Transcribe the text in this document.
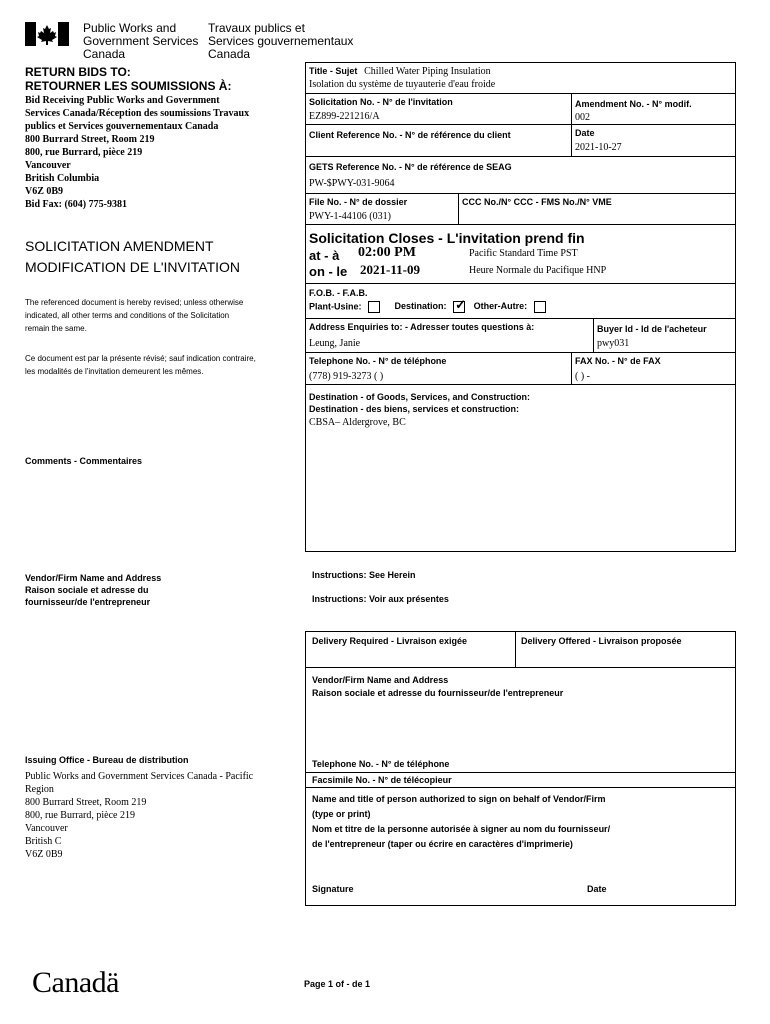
Public Works and
Government Services
Canada
Travaux publics et
Services gouvernementaux
Canada
RETURN BIDS TO:
RETOURNER LES SOUMISSIONS À:
Bid Receiving Public Works and Government
Services Canada/Réception des soumissions Travaux
publics et Services gouvernementaux Canada
800 Burrard Street, Room 219
800, rue Burrard, pièce 219
Vancouver
British Columbia
V6Z 0B9
Bid Fax: (604) 775-9381
SOLICITATION AMENDMENT
MODIFICATION DE L'INVITATION
The referenced document is hereby revised; unless otherwise
indicated, all other terms and conditions of the Solicitation
remain the same.
Ce document est par la présente révisé; sauf indication contraire,
les modalités de l'invitation demeurent les mêmes.
Comments - Commentaires
Vendor/Firm Name and Address
Raison sociale et adresse du
fournisseur/de l'entrepreneur
Issuing Office - Bureau de distribution
Public Works and Government Services Canada - Pacific
Region
800 Burrard Street, Room 219
800, rue Burrard, pièce 219
Vancouver
British C
V6Z 0B9
Title - Sujet Chilled Water Piping Insulation
Isolation du système de tuyauterie d'eau froide
Solicitation No. - N° de l'invitation
EZ899-221216/A
Amendment No. - N° modif.
002
Client Reference No. - N° de référence du client	Date
2021-10-27
GETS Reference No. - N° de référence de SEAG
PW-$PWY-031-9064
File No. - N° de dossier
PWY-1-44106 (031)
CCC No./N° CCC - FMS No./N° VME
Solicitation Closes - L'invitation prend fin
at - à 02:00 PM	Pacific Standard Time PST
on - le 2021-11-09	Heure Normale du Pacifique HNP
F.O.B. - F.A.B.
Plant-Usine:	Destination: ✓ Other-Autre:
Address Enquiries to: - Adresser toutes questions à:
Leung, Janie
Buyer Id - Id de l'acheteur
pwy031
Telephone No. - N° de téléphone
(778) 919-3273 ( )
FAX No. - N° de FAX
( ) -
Destination - of Goods, Services, and Construction:
Destination - des biens, services et construction:
CBSA– Aldergrove, BC
Instructions: See Herein
Instructions: Voir aux présentes
Delivery Required - Livraison exigée	Delivery Offered - Livraison proposée
Vendor/Firm Name and Address
Raison sociale et adresse du fournisseur/de l'entrepreneur
Telephone No. - N° de téléphone
Facsimile No. - N° de télécopieur
Name and title of person authorized to sign on behalf of Vendor/Firm
(type or print)
Nom et titre de la personne autorisée à signer au nom du fournisseur/
de l'entrepreneur (taper ou écrire en caractères d'imprimerie)
Signature	Date
Canadä	Page 1 of - de 1
